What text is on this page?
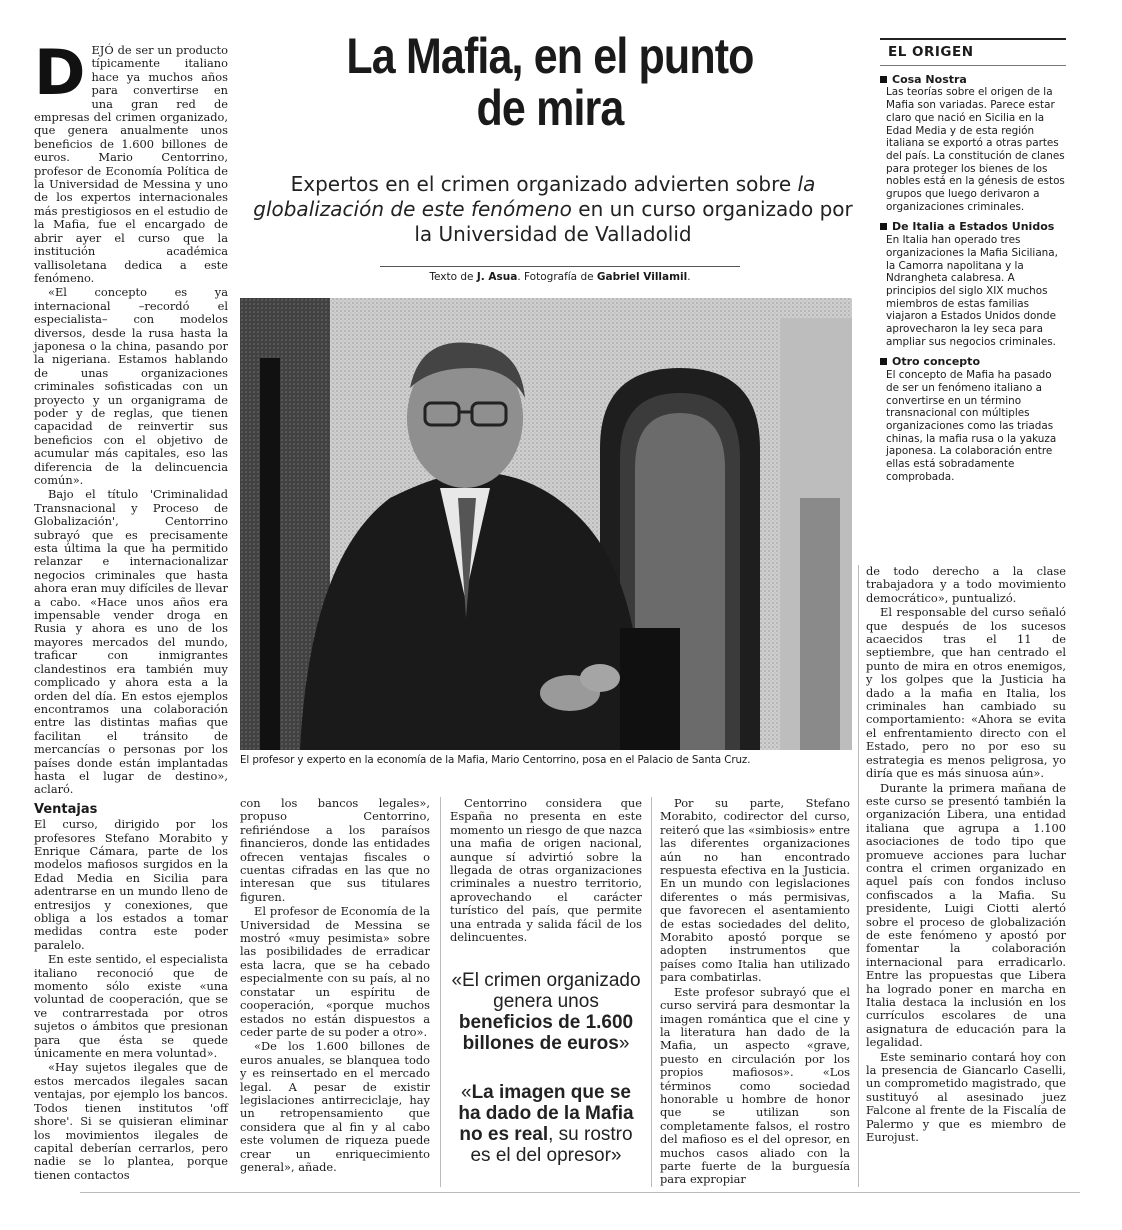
La Mafia, en el punto de mira
Expertos en el crimen organizado advierten sobre la globalización de este fenómeno en un curso organizado por la Universidad de Valladolid
Texto de J. Asua. Fotografía de Gabriel Villamil.
El profesor y experto en la economía de la Mafia, Mario Centorrino, posa en el Palacio de Santa Cruz.
D EJÓ de ser un producto típicamente italiano hace ya muchos años para convertirse en una gran red de empresas del crimen organizado, que genera anualmente unos beneficios de 1.600 billones de euros. Mario Centorrino, profesor de Economía Política de la Universidad de Messina y uno de los expertos internacionales más prestigiosos en el estudio de la Mafia, fue el encargado de abrir ayer el curso que la institución académica vallisoletana dedica a este fenómeno.

«El concepto es ya internacional –recordó el especialista– con modelos diversos, desde la rusa hasta la japonesa o la china, pasando por la nigeriana. Estamos hablando de unas organizaciones criminales sofisticadas con un proyecto y un organigrama de poder y de reglas, que tienen capacidad de reinvertir sus beneficios con el objetivo de acumular más capitales, eso las diferencia de la delincuencia común».

Bajo el título 'Criminalidad Transnacional y Proceso de Globalización', Centorrino subrayó que es precisamente esta última la que ha permitido relanzar e internacionalizar negocios criminales que hasta ahora eran muy difíciles de llevar a cabo. «Hace unos años era impensable vender droga en Rusia y ahora es uno de los mayores mercados del mundo, traficar con inmigrantes clandestinos era también muy complicado y ahora esta a la orden del día. En estos ejemplos encontramos una colaboración entre las distintas mafias que facilitan el tránsito de mercancías o personas por los países donde están implantadas hasta el lugar de destino», aclaró.

Ventajas

El curso, dirigido por los profesores Stefano Morabito y Enrique Cámara, parte de los modelos mafiosos surgidos en la Edad Media en Sicilia para adentrarse en un mundo lleno de entresijos y conexiones, que obliga a los estados a tomar medidas contra este poder paralelo.

En este sentido, el especialista italiano reconoció que de momento sólo existe «una voluntad de cooperación, que se ve contrarrestada por otros sujetos o ámbitos que presionan para que ésta se quede únicamente en mera voluntad».

«Hay sujetos ilegales que de estos mercados ilegales sacan ventajas, por ejemplo los bancos. Todos tienen institutos 'off shore'. Si se quisieran eliminar los movimientos ilegales de capital deberían cerrarlos, pero nadie se lo plantea, porque tienen contactos

con los bancos legales», propuso Centorrino, refiriéndose a los paraísos financieros, donde las entidades ofrecen ventajas fiscales o cuentas cifradas en las que no interesan que sus titulares figuren.

El profesor de Economía de la Universidad de Messina se mostró «muy pesimista» sobre las posibilidades de erradicar esta lacra, que se ha cebado especialmente con su país, al no constatar un espíritu de cooperación, «porque muchos estados no están dispuestos a ceder parte de su poder a otro».

«De los 1.600 billones de euros anuales, se blanquea todo y es reinsertado en el mercado legal. A pesar de existir legislaciones antirreciclaje, hay un retropensamiento que considera que al fin y al cabo este volumen de riqueza puede crear un enriquecimiento general», añade.

Centorrino considera que España no presenta en este momento un riesgo de que nazca una mafia de origen nacional, aunque sí advirtió sobre la llegada de otras organizaciones criminales a nuestro territorio, aprovechando el carácter turístico del país, que permite una entrada y salida fácil de los delincuentes.

«El crimen organizado genera unos beneficios de 1.600 billones de euros»
«La imagen que se ha dado de la Mafia no es real, su rostro es el del opresor»

Por su parte, Stefano Morabito, codirector del curso, reiteró que las «simbiosis» entre las diferentes organizaciones aún no han encontrado respuesta efectiva en la Justicia. En un mundo con legislaciones diferentes o más permisivas, que favorecen el asentamiento de estas sociedades del delito, Morabito apostó porque se adopten instrumentos que países como Italia han utilizado para combatirlas.

Este profesor subrayó que el curso servirá para desmontar la imagen romántica que el cine y la literatura han dado de la Mafia, un aspecto «grave, puesto en circulación por los propios mafiosos». «Los términos como sociedad honorable u hombre de honor que se utilizan son completamente falsos, el rostro del mafioso es el del opresor, en muchos casos aliado con la parte fuerte de la burguesía para expropiar

de todo derecho a la clase trabajadora y a todo movimiento democrático», puntualizó.

El responsable del curso señaló que después de los sucesos acaecidos tras el 11 de septiembre, que han centrado el punto de mira en otros enemigos, y los golpes que la Justicia ha dado a la mafia en Italia, los criminales han cambiado su comportamiento: «Ahora se evita el enfrentamiento directo con el Estado, pero no por eso su estrategia es menos peligrosa, yo diría que es más sinuosa aún».

Durante la primera mañana de este curso se presentó también la organización Libera, una entidad italiana que agrupa a 1.100 asociaciones de todo tipo que promueve acciones para luchar contra el crimen organizado en aquel país con fondos incluso confiscados a la Mafia. Su presidente, Luigi Ciotti alertó sobre el proceso de globalización de este fenómeno y apostó por fomentar la colaboración internacional para erradicarlo. Entre las propuestas que Libera ha logrado poner en marcha en Italia destaca la inclusión en los currículos escolares de una asignatura de educación para la legalidad.

Este seminario contará hoy con la presencia de Giancarlo Caselli, un comprometido magistrado, que sustituyó al asesinado juez Falcone al frente de la Fiscalía de Palermo y que es miembro de Eurojust.

EL ORIGEN
Cosa Nostra
Las teorías sobre el origen de la Mafia son variadas. Parece estar claro que nació en Sicilia en la Edad Media y de esta región italiana se exportó a otras partes del país. La constitución de clanes para proteger los bienes de los nobles está en la génesis de estos grupos que luego derivaron a organizaciones criminales.
De Italia a Estados Unidos
En Italia han operado tres organizaciones la Mafia Siciliana, la Camorra napolitana y la Ndrangheta calabresa. A principios del siglo XIX muchos miembros de estas familias viajaron a Estados Unidos donde aprovecharon la ley seca para ampliar sus negocios criminales.
Otro concepto
El concepto de Mafia ha pasado de ser un fenómeno italiano a convertirse en un término transnacional con múltiples organizaciones como las triadas chinas, la mafia rusa o la yakuza japonesa. La colaboración entre ellas está sobradamente comprobada.
